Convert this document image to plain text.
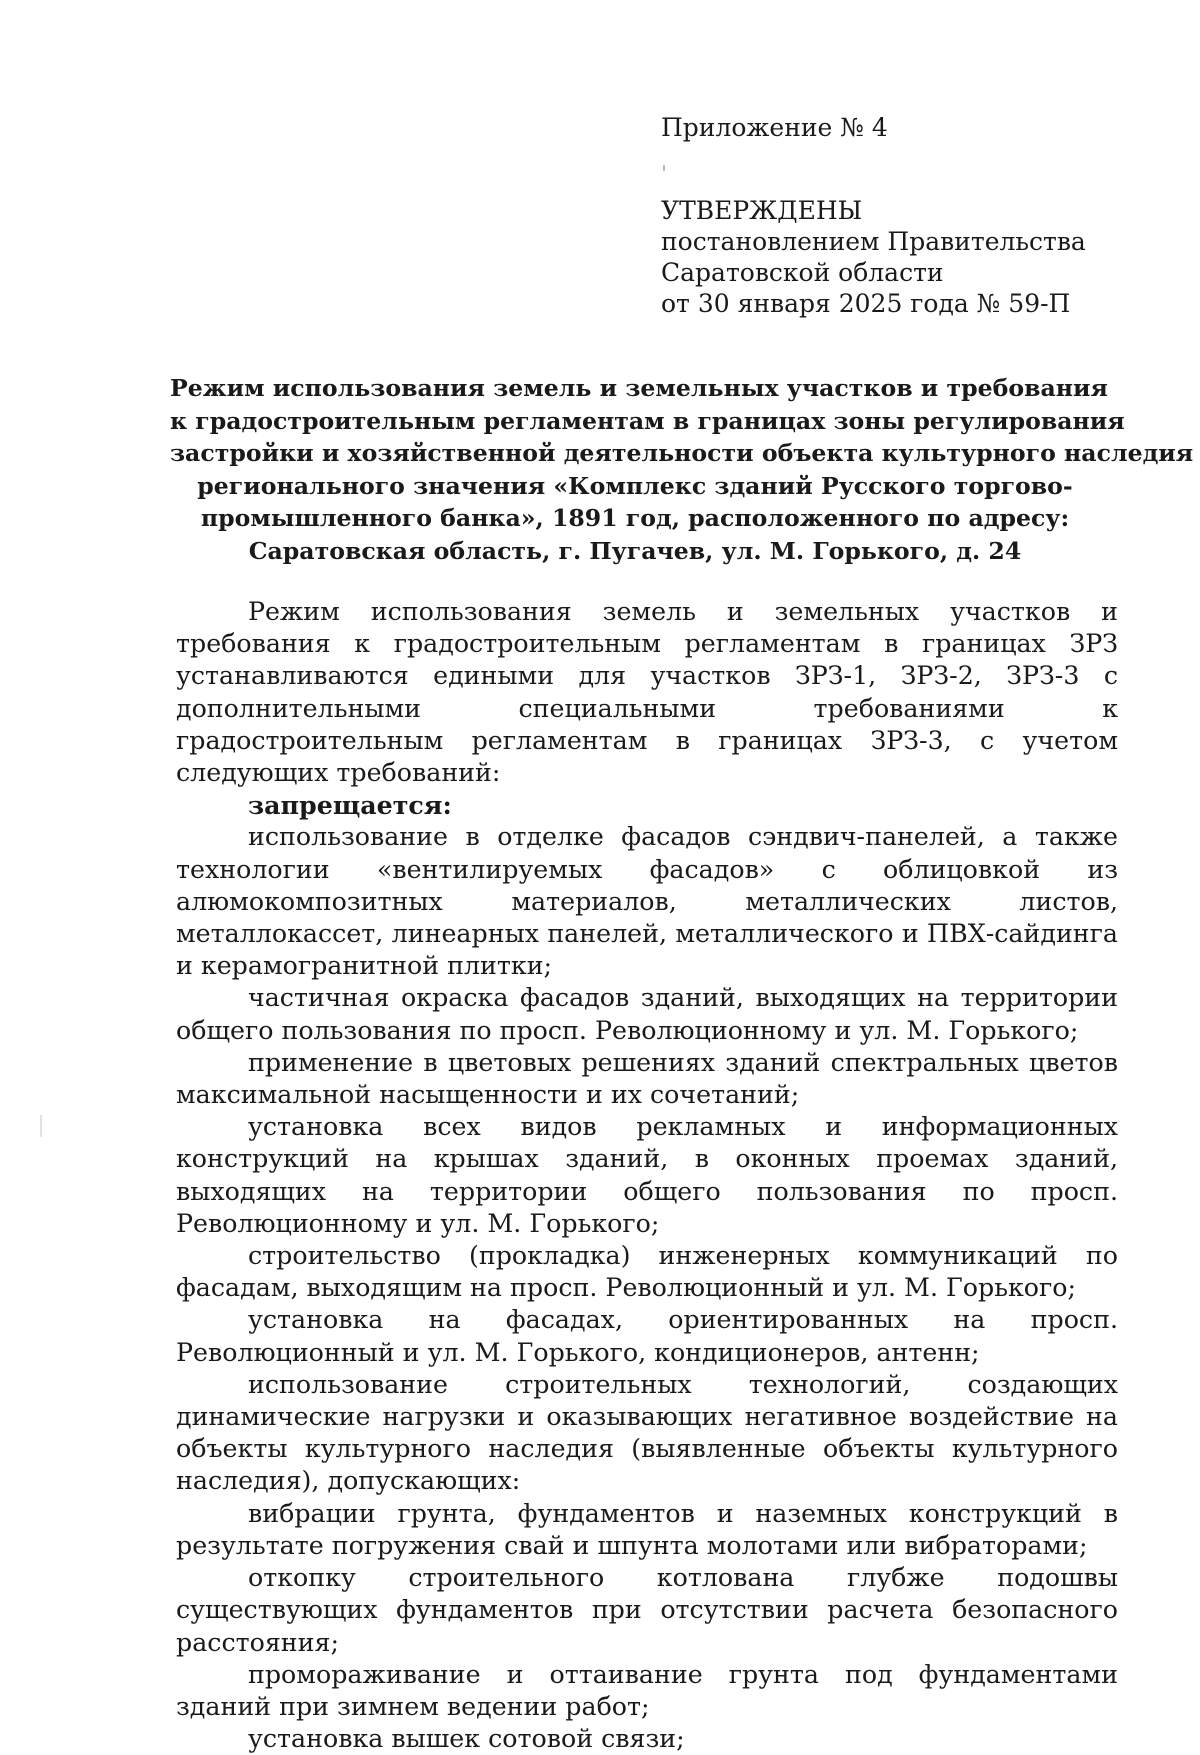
Приложение № 4
УТВЕРЖДЕНЫ
постановлением Правительства
Саратовской области
от 30 января 2025 года № 59-П
Режим использования земель и земельных участков и требования
к градостроительным регламентам в границах зоны регулирования
застройки и хозяйственной деятельности объекта культурного наследия
регионального значения «Комплекс зданий Русского торгово-
промышленного банка», 1891 год, расположенного по адресу:
Саратовская область, г. Пугачев, ул. М. Горького, д. 24

Режим использования земель и земельных участков и требования к градостроительным регламентам в границах ЗРЗ устанавливаются едиными для участков ЗРЗ-1, ЗРЗ-2, ЗРЗ-3 с дополнительными специальными требованиями к градостроительным регламентам в границах ЗРЗ-3, с учетом следующих требований:

запрещается:

использование в отделке фасадов сэндвич-панелей, а также технологии «вентилируемых фасадов» с облицовкой из алюмокомпозитных материалов, металлических листов, металлокассет, линеарных панелей, металлического и ПВХ-сайдинга и керамогранитной плитки;

частичная окраска фасадов зданий, выходящих на территории общего пользования по просп. Революционному и ул. М. Горького;

применение в цветовых решениях зданий спектральных цветов максимальной насыщенности и их сочетаний;

установка всех видов рекламных и информационных конструкций на крышах зданий, в оконных проемах зданий, выходящих на территории общего пользования по просп. Революционному и ул. М. Горького;

строительство (прокладка) инженерных коммуникаций по фасадам, выходящим на просп. Революционный и ул. М. Горького;

установка на фасадах, ориентированных на просп. Революционный и ул. М. Горького, кондиционеров, антенн;

использование строительных технологий, создающих динамические нагрузки и оказывающих негативное воздействие на объекты культурного наследия (выявленные объекты культурного наследия), допускающих:

вибрации грунта, фундаментов и наземных конструкций в результате погружения свай и шпунта молотами или вибраторами;

откопку строительного котлована глубже подошвы существующих фундаментов при отсутствии расчета безопасного расстояния;

промораживание и оттаивание грунта под фундаментами зданий при зимнем ведении работ;

установка вышек сотовой связи;
